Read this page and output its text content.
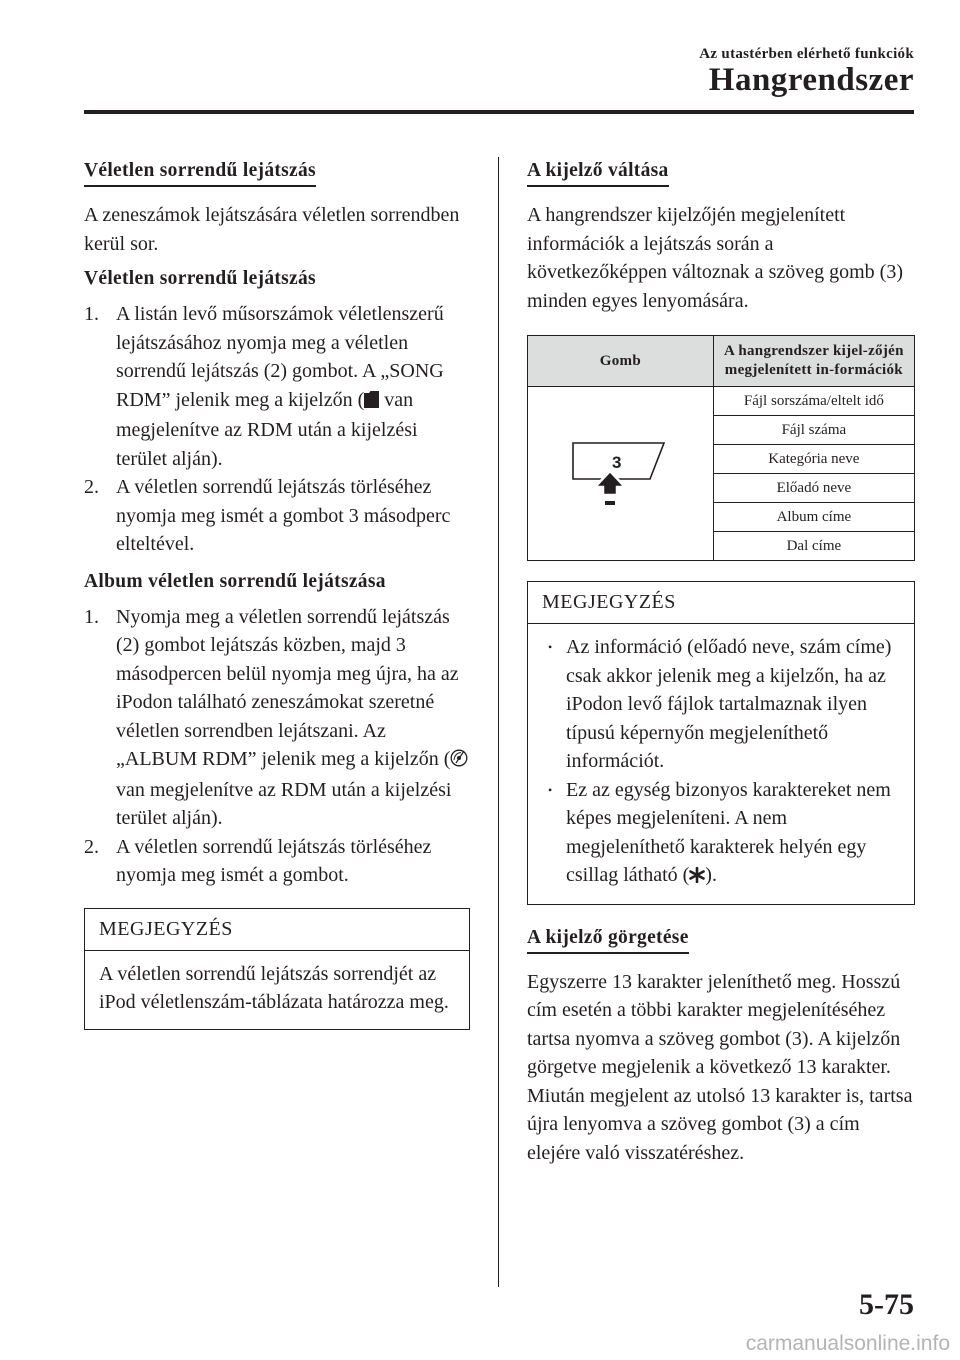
Az utastérben elérhető funkciók
Hangrendszer
Véletlen sorrendű lejátszás

A zeneszámok lejátszására véletlen sorrendben kerül sor.

Véletlen sorrendű lejátszás
1. A listán levő műsorszámok véletlenszerű lejátszásához nyomja meg a véletlen sorrendű lejátszás (2) gombot. A „SONG RDM” jelenik meg a kijelzőn ( van megjelenítve az RDM után a kijelzési terület alján).
2. A véletlen sorrendű lejátszás törléséhez nyomja meg ismét a gombot 3 másodperc elteltével.
Album véletlen sorrendű lejátszása
1. Nyomja meg a véletlen sorrendű lejátszás (2) gombot lejátszás közben, majd 3 másodpercen belül nyomja meg újra, ha az iPodon található zeneszámokat szeretné véletlen sorrendben lejátszani. Az „ALBUM RDM” jelenik meg a kijelzőn ( van megjelenítve az RDM után a kijelzési terület alján).
2. A véletlen sorrendű lejátszás törléséhez nyomja meg ismét a gombot.
MEGJEGYZÉS
A véletlen sorrendű lejátszás sorrendjét az iPod véletlenszám-táblázata határozza meg.
A kijelző váltása

A hangrendszer kijelzőjén megjelenített információk a lejátszás során a következőképpen változnak a szöveg gomb (3) minden egyes lenyomására.

Gomb	A hangrendszer kijel-zőjén megjelenített in-formációk

3	Fájl sorszáma/eltelt idő
	Fájl száma
	Kategória neve
	Előadó neve
	Album címe
	Dal címe
MEGJEGYZÉS
• Az információ (előadó neve, szám címe) csak akkor jelenik meg a kijelzőn, ha az iPodon levő fájlok tartalmaznak ilyen típusú képernyőn megjeleníthető információt.
• Ez az egység bizonyos karaktereket nem képes megjeleníteni. A nem megjeleníthető karakterek helyén egy csillag látható ( ).
A kijelző görgetése

Egyszerre 13 karakter jeleníthető meg. Hosszú cím esetén a többi karakter megjelenítéséhez tartsa nyomva a szöveg gombot (3). A kijelzőn görgetve megjelenik a következő 13 karakter. Miután megjelent az utolsó 13 karakter is, tartsa újra lenyomva a szöveg gombot (3) a cím elejére való visszatéréshez.

5-75
carmanualsonline.info
